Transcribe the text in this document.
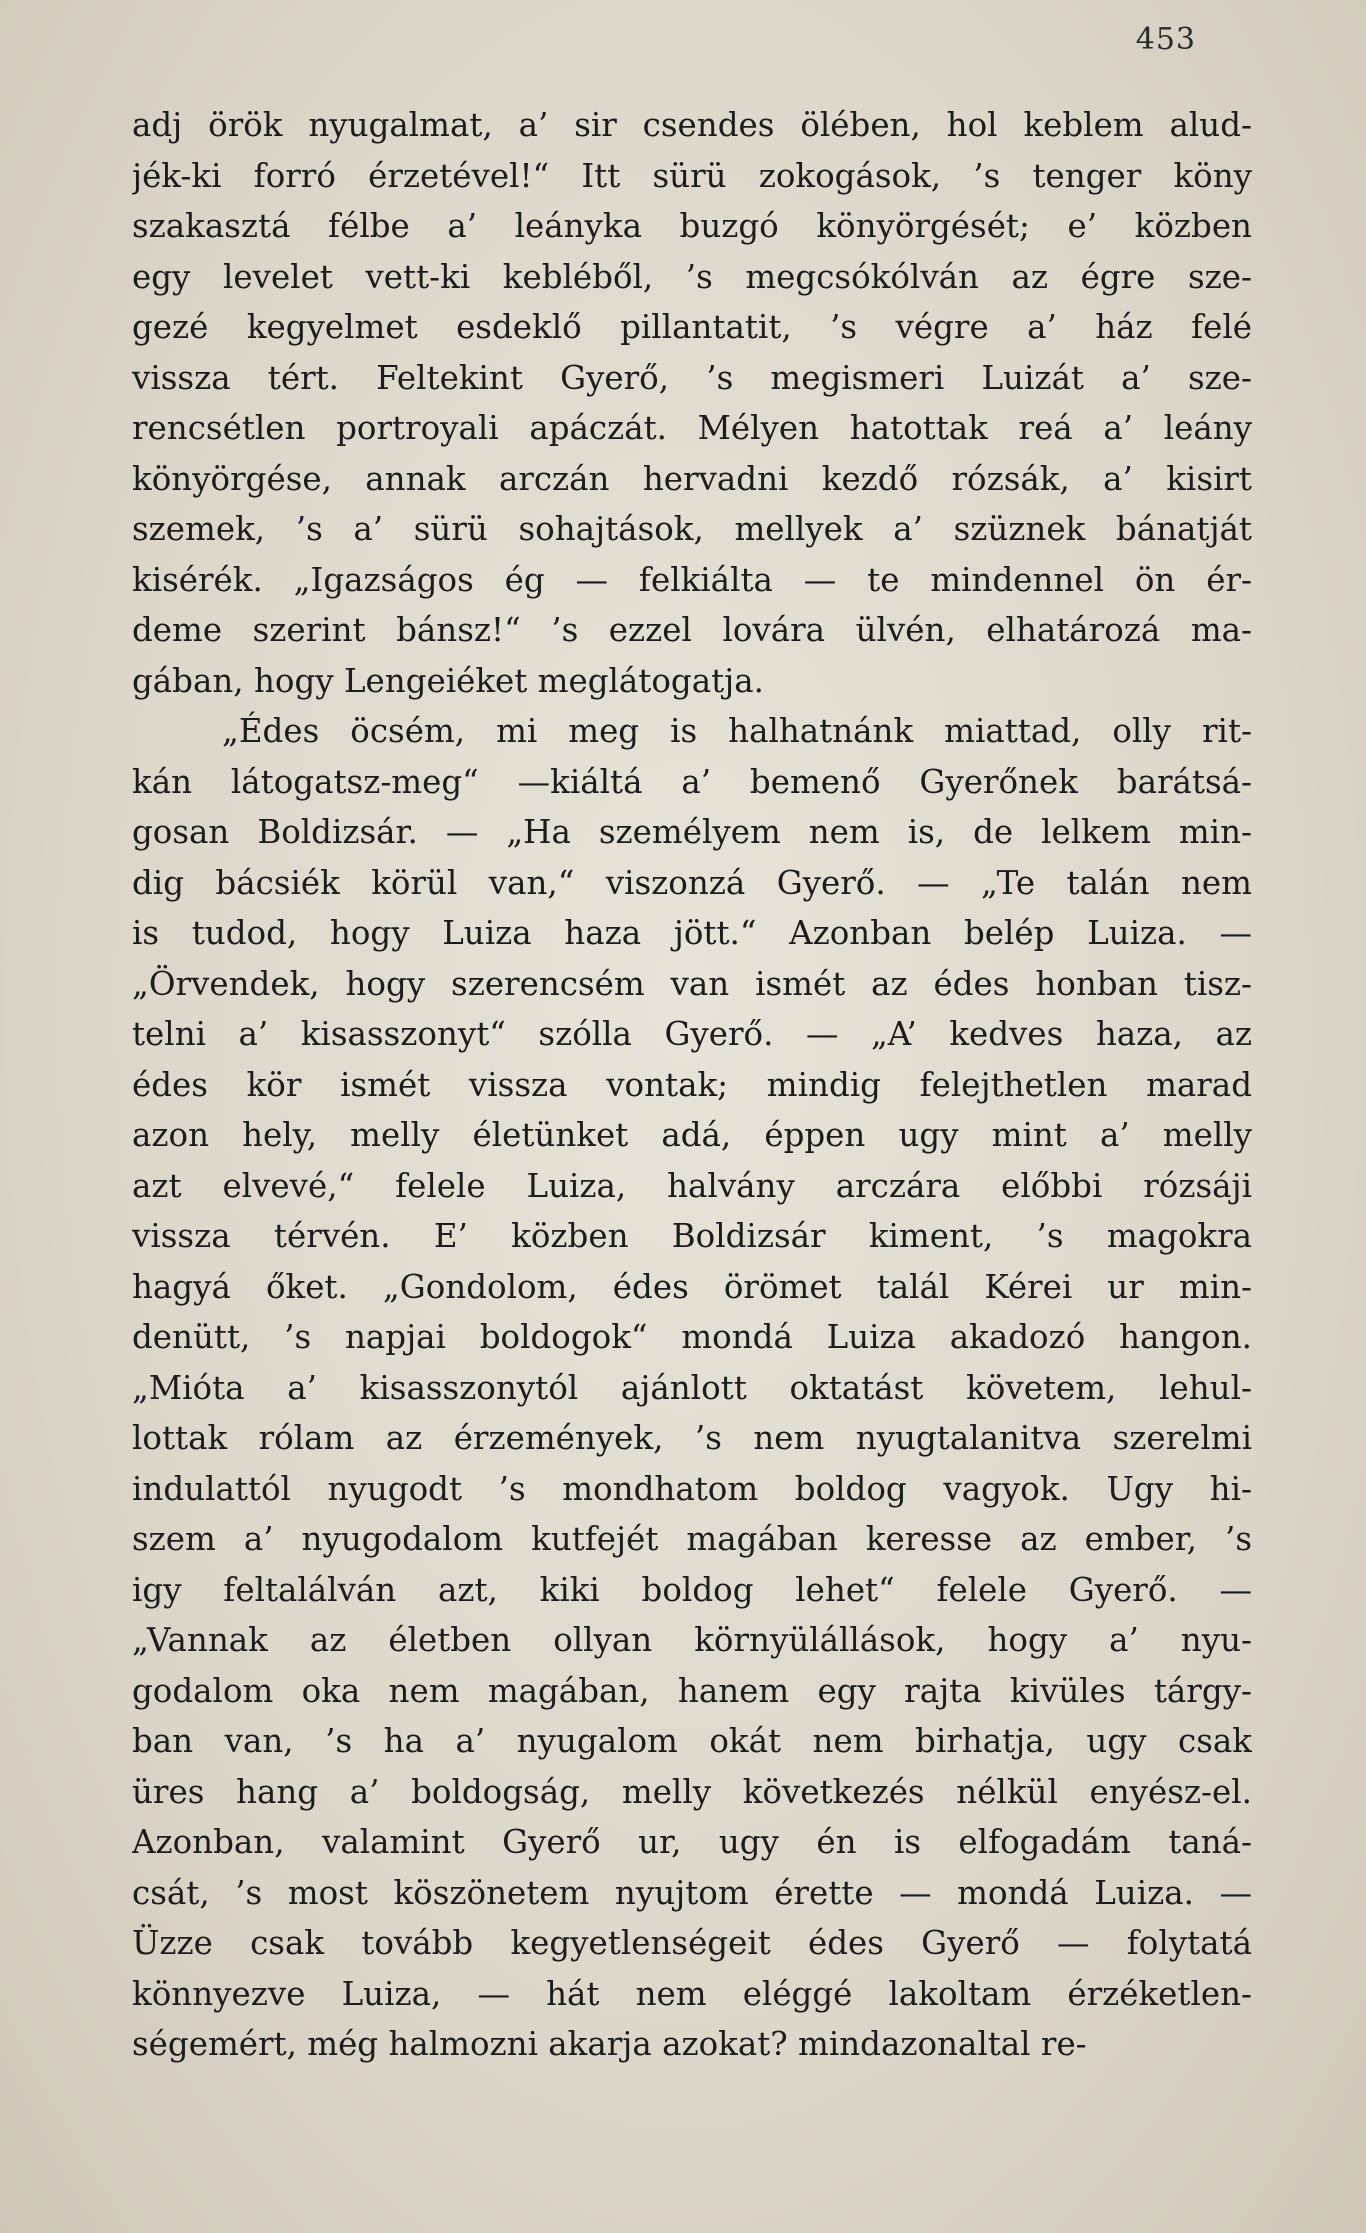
453
adj örök nyugalmat, a’ sir csendes ölében, hol keblem alud-
jék-ki forró érzetével!“ Itt sürü zokogások, ’s tenger köny
szakasztá félbe a’ leányka buzgó könyörgését; e’ közben
egy levelet vett-ki kebléből, ’s megcsókólván az égre sze-
gezé kegyelmet esdeklő pillantatit, ’s végre a’ ház felé
vissza tért. Feltekint Gyerő, ’s megismeri Luizát a’ sze-
rencsétlen portroyali apáczát. Mélyen hatottak reá a’ leány
könyörgése, annak arczán hervadni kezdő rózsák, a’ kisirt
szemek, ’s a’ sürü sohajtások, mellyek a’ szüznek bánatját
kisérék. „Igazságos ég — felkiálta — te mindennel ön ér-
deme szerint bánsz!“ ’s ezzel lovára ülvén, elhatározá ma-
gában, hogy Lengeiéket meglátogatja.
„Édes öcsém, mi meg is halhatnánk miattad, olly rit-
kán látogatsz-meg“ —kiáltá a’ bemenő Gyerőnek barátsá-
gosan Boldizsár. — „Ha személyem nem is, de lelkem min-
dig bácsiék körül van,“ viszonzá Gyerő. — „Te talán nem
is tudod, hogy Luiza haza jött.“ Azonban belép Luiza. —
„Örvendek, hogy szerencsém van ismét az édes honban tisz-
telni a’ kisasszonyt“ szólla Gyerő. — „A’ kedves haza, az
édes kör ismét vissza vontak; mindig felejthetlen marad
azon hely, melly életünket adá, éppen ugy mint a’ melly
azt elvevé,“ felele Luiza, halvány arczára előbbi rózsáji
vissza térvén. E’ közben Boldizsár kiment, ’s magokra
hagyá őket. „Gondolom, édes örömet talál Kérei ur min-
denütt, ’s napjai boldogok“ mondá Luiza akadozó hangon.
„Mióta a’ kisasszonytól ajánlott oktatást követem, lehul-
lottak rólam az érzemények, ’s nem nyugtalanitva szerelmi
indulattól nyugodt ’s mondhatom boldog vagyok. Ugy hi-
szem a’ nyugodalom kutfejét magában keresse az ember, ’s
igy feltalálván azt, kiki boldog lehet“ felele Gyerő. —
„Vannak az életben ollyan környülállások, hogy a’ nyu-
godalom oka nem magában, hanem egy rajta kivüles tárgy-
ban van, ’s ha a’ nyugalom okát nem birhatja, ugy csak
üres hang a’ boldogság, melly következés nélkül enyész-el.
Azonban, valamint Gyerő ur, ugy én is elfogadám taná-
csát, ’s most köszönetem nyujtom érette — mondá Luiza. —
Üzze csak tovább kegyetlenségeit édes Gyerő — folytatá
könnyezve Luiza, — hát nem eléggé lakoltam érzéketlen-
ségemért, még halmozni akarja azokat? mindazonaltal re-
